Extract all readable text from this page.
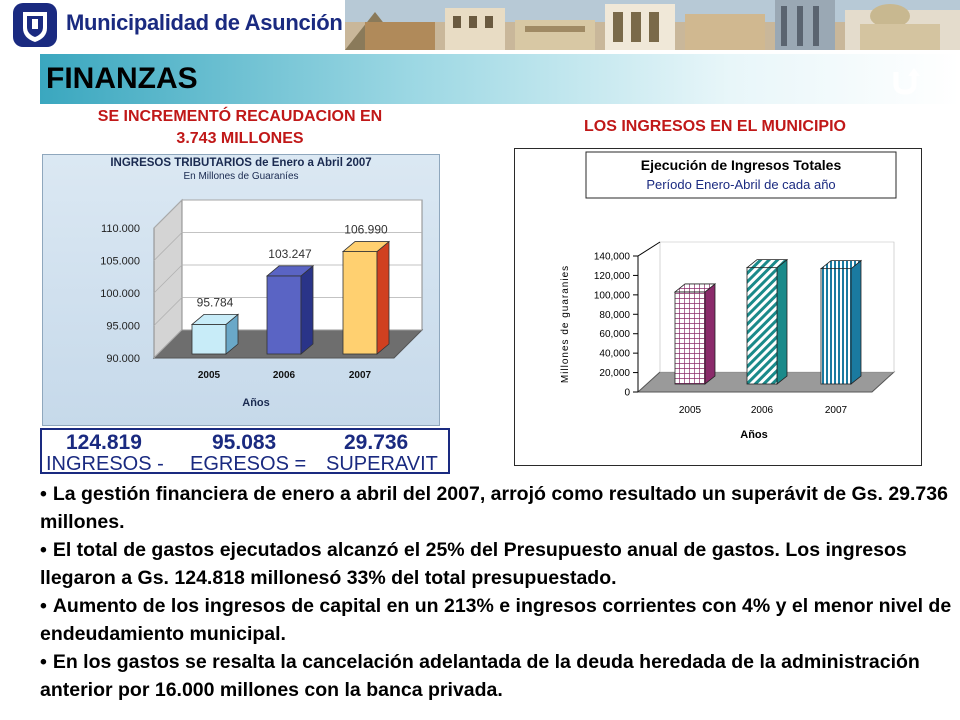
Municipalidad de Asunción
FINANZAS
SE INCREMENTÓ RECAUDACION EN
3.743 MILLONES
LOS INGRESOS EN EL MUNICIPIO
INGRESOS TRIBUTARIOS de Enero a Abril 2007
En Millones de Guaraníes
90.000
95.000
100.000
105.000
110.000
95.784
103.247
106.990
2005	2006	2007
Años
124.819	95.083	29.736
INGRESOS - EGRESOS = SUPERAVIT
Ejecución de Ingresos Totales
Período Enero-Abril de cada año
0
20,000
40,000
60,000
80,000
100,000
120,000
140,000
2005	2006	2007
Millones de guaranies
Años
• La gestión financiera de enero a abril del 2007, arrojó como resultado un superávit de Gs. 29.736 millones.
• El total de gastos ejecutados alcanzó el 25% del Presupuesto anual de gastos. Los ingresos llegaron a Gs. 124.818 millonesó 33% del total presupuestado.
• Aumento de los ingresos de capital en un 213% e ingresos corrientes con 4% y el menor nivel de endeudamiento municipal.
• En los gastos se resalta la cancelación adelantada de la deuda heredada de la administración anterior por 16.000 millones con la banca privada.
